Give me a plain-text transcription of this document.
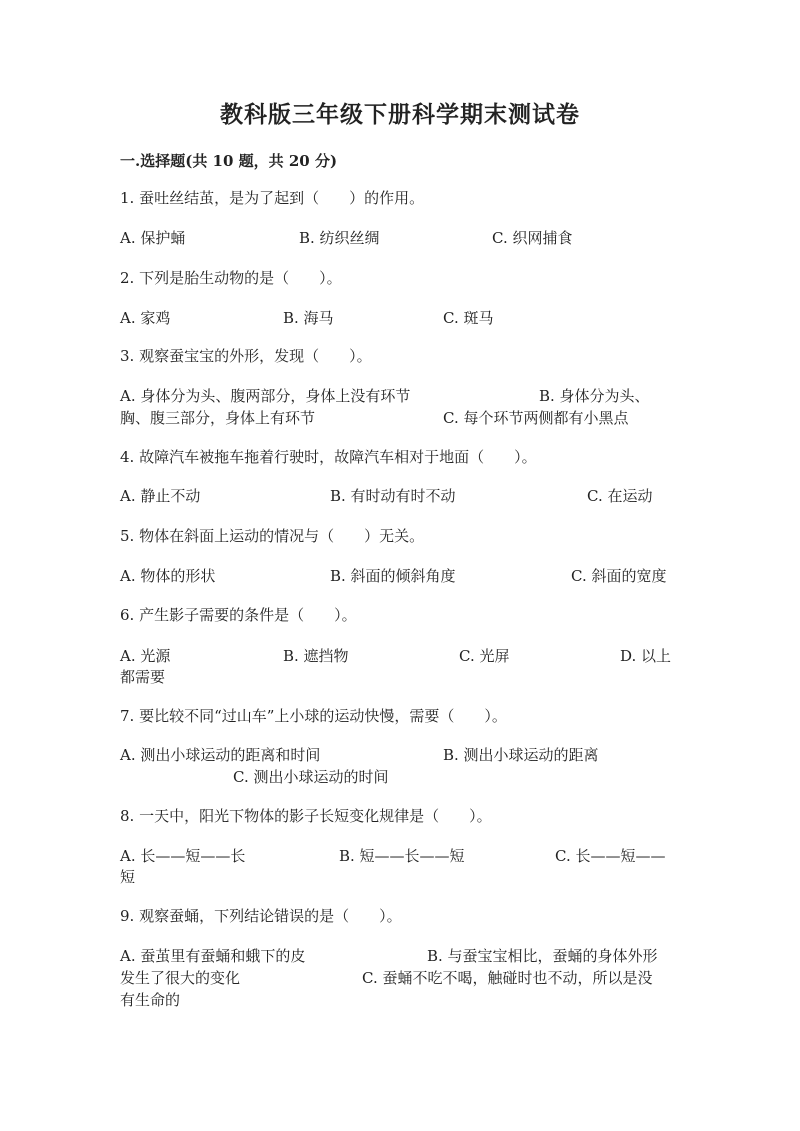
教科版三年级下册科学期末测试卷
一.选择题(共 10 题，共 20 分)
1. 蚕吐丝结茧，是为了起到（　　）的作用。
A. 保护蛹	B. 纺织丝绸	C. 织网捕食
2. 下列是胎生动物的是（　　）。
A. 家鸡	B. 海马	C. 斑马
3. 观察蚕宝宝的外形，发现（　　）。
A. 身体分为头、腹两部分，身体上没有环节	B. 身体分为头、
胸、腹三部分，身体上有环节	C. 每个环节两侧都有小黑点
4. 故障汽车被拖车拖着行驶时，故障汽车相对于地面（　　）。
A. 静止不动	B. 有时动有时不动	C. 在运动
5. 物体在斜面上运动的情况与（　　）无关。
A. 物体的形状	B. 斜面的倾斜角度	C. 斜面的宽度
6. 产生影子需要的条件是（　　）。
A. 光源	B. 遮挡物	C. 光屏	D. 以上
都需要
7. 要比较不同“过山车”上小球的运动快慢，需要（　　）。
A. 测出小球运动的距离和时间	B. 测出小球运动的距离
C. 测出小球运动的时间
8. 一天中，阳光下物体的影子长短变化规律是（　　）。
A. 长——短——长	B. 短——长——短	C. 长——短——
短
9. 观察蚕蛹，下列结论错误的是（　　）。
A. 蚕茧里有蚕蛹和蛾下的皮	B. 与蚕宝宝相比，蚕蛹的身体外形
发生了很大的变化	C. 蚕蛹不吃不喝，触碰时也不动，所以是没
有生命的
